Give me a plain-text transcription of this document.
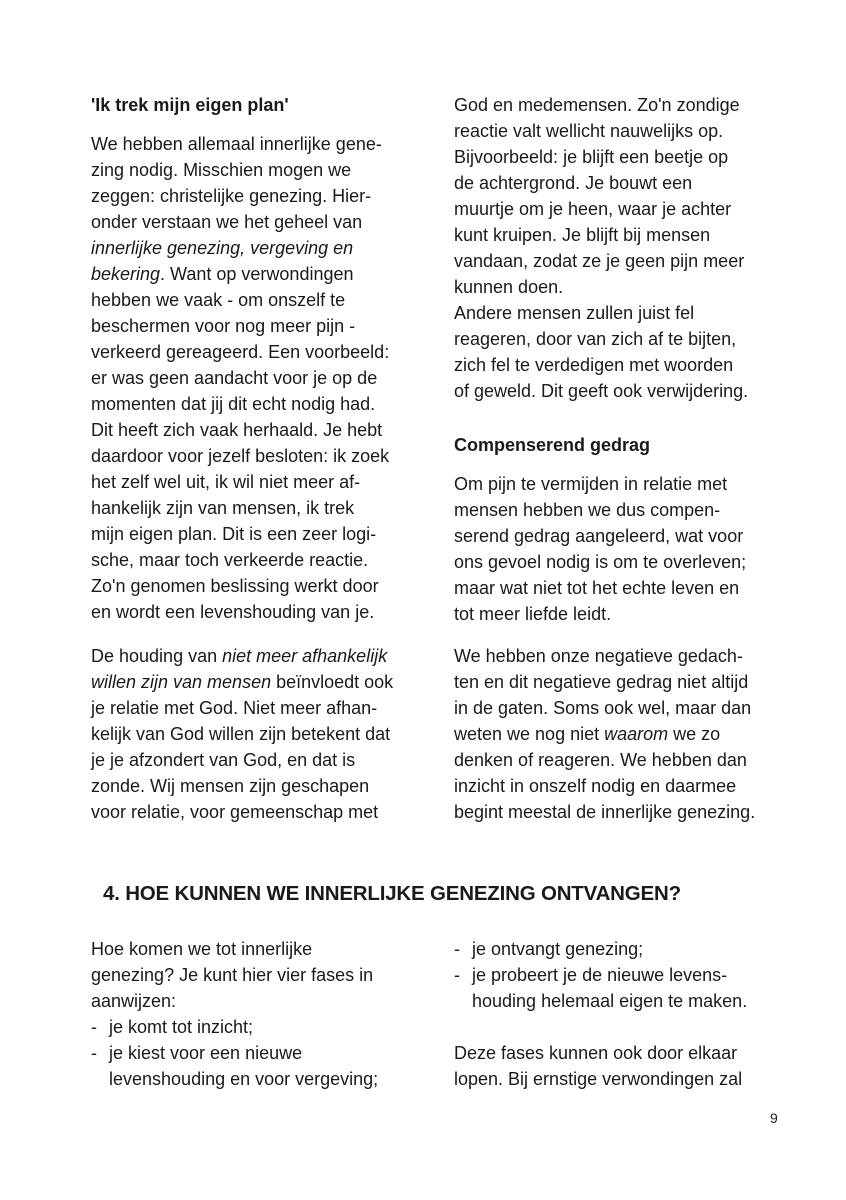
'Ik trek mijn eigen plan'
We hebben allemaal innerlijke gene-
zing nodig. Misschien mogen we
zeggen: christelijke genezing. Hier-
onder verstaan we het geheel van
innerlijke genezing, vergeving en
bekering. Want op verwondingen
hebben we vaak - om onszelf te
beschermen voor nog meer pijn -
verkeerd gereageerd. Een voorbeeld:
er was geen aandacht voor je op de
momenten dat jij dit echt nodig had.
Dit heeft zich vaak herhaald. Je hebt
daardoor voor jezelf besloten: ik zoek
het zelf wel uit, ik wil niet meer af-
hankelijk zijn van mensen, ik trek
mijn eigen plan. Dit is een zeer logi-
sche, maar toch verkeerde reactie.
Zo'n genomen beslissing werkt door
en wordt een levenshouding van je.
De houding van niet meer afhankelijk
willen zijn van mensen beïnvloedt ook
je relatie met God. Niet meer afhan-
kelijk van God willen zijn betekent dat
je je afzondert van God, en dat is
zonde. Wij mensen zijn geschapen
voor relatie, voor gemeenschap met
God en medemensen. Zo'n zondige
reactie valt wellicht nauwelijks op.
Bijvoorbeeld: je blijft een beetje op
de achtergrond. Je bouwt een
muurtje om je heen, waar je achter
kunt kruipen. Je blijft bij mensen
vandaan, zodat ze je geen pijn meer
kunnen doen.
Andere mensen zullen juist fel
reageren, door van zich af te bijten,
zich fel te verdedigen met woorden
of geweld. Dit geeft ook verwijdering.
Compenserend gedrag
Om pijn te vermijden in relatie met
mensen hebben we dus compen-
serend gedrag aangeleerd, wat voor
ons gevoel nodig is om te overleven;
maar wat niet tot het echte leven en
tot meer liefde leidt.
We hebben onze negatieve gedach-
ten en dit negatieve gedrag niet altijd
in de gaten. Soms ook wel, maar dan
weten we nog niet waarom we zo
denken of reageren. We hebben dan
inzicht in onszelf nodig en daarmee
begint meestal de innerlijke genezing.
4. HOE KUNNEN WE INNERLIJKE GENEZING ONTVANGEN?
Hoe komen we tot innerlijke
genezing? Je kunt hier vier fases in
aanwijzen:
- je komt tot inzicht;
- je kiest voor een nieuwe
levenshouding en voor vergeving;
- je ontvangt genezing;
- je probeert je de nieuwe levens-
houding helemaal eigen te maken.
Deze fases kunnen ook door elkaar
lopen. Bij ernstige verwondingen zal
9
